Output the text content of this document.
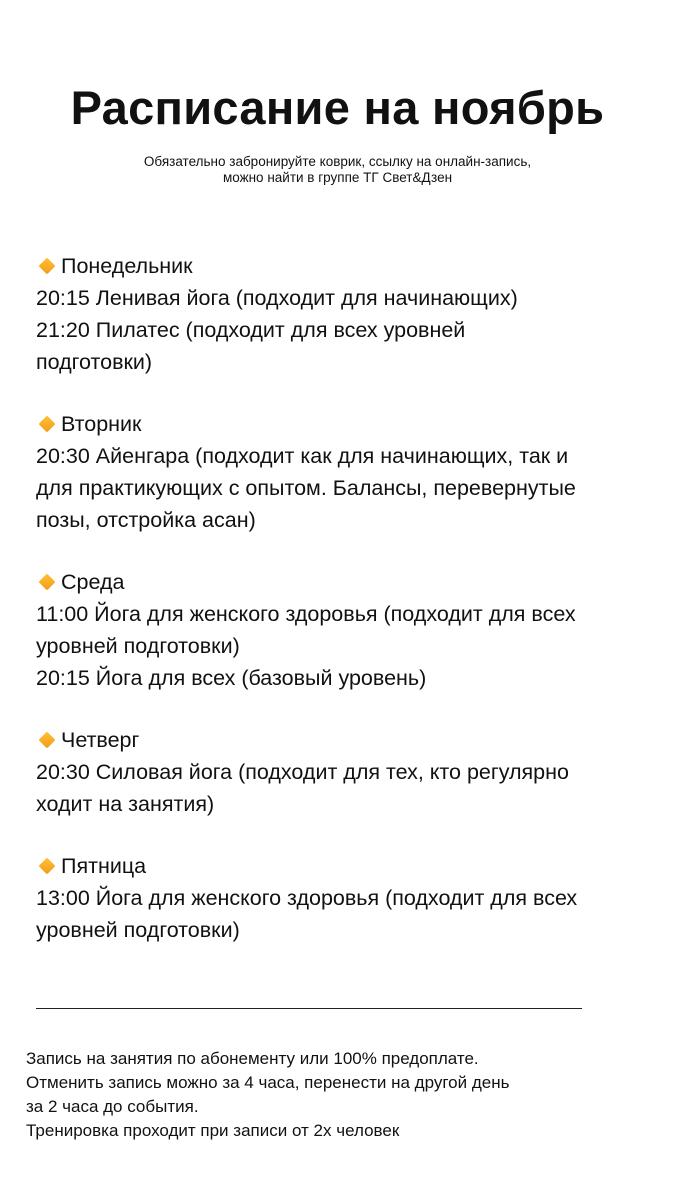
Расписание на ноябрь
Обязательно забронируйте коврик, ссылку на онлайн-запись,
можно найти в группе ТГ Свет&Дзен
Понедельник
20:15 Ленивая йога (подходит для начинающих)
21:20 Пилатес (подходит для всех уровней
подготовки)
Вторник
20:30 Айенгара (подходит как для начинающих, так и
для практикующих с опытом. Балансы, перевернутые
позы, отстройка асан)
Среда
11:00 Йога для женского здоровья (подходит для всех
уровней подготовки)
20:15 Йога для всех (базовый уровень)
Четверг
20:30 Силовая йога (подходит для тех, кто регулярно
ходит на занятия)
Пятница
13:00 Йога для женского здоровья (подходит для всех
уровней подготовки)
Запись на занятия по абонементу или 100% предоплате.
Отменить запись можно за 4 часа, перенести на другой день
за 2 часа до события.
Тренировка проходит при записи от 2х человек
